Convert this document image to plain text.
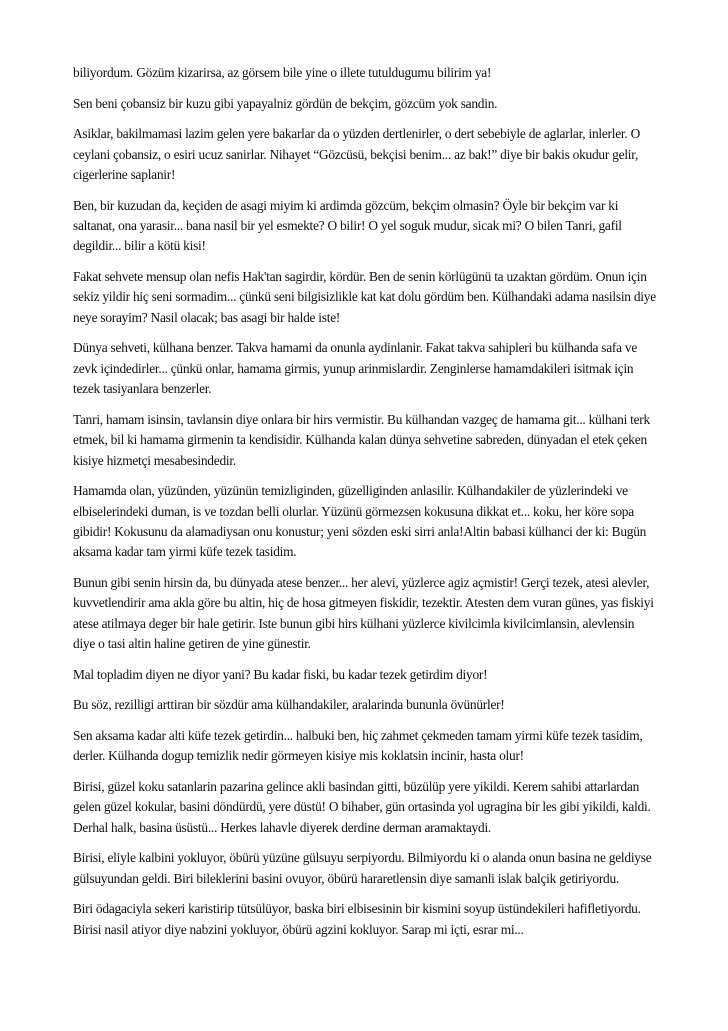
biliyordum. Gözüm kizarirsa, az görsem bile yine o illete tutuldugumu bilirim ya!

Sen beni çobansiz bir kuzu gibi yapayalniz gördün de bekçim, gözcüm yok sandin.

Asiklar, bakilmamasi lazim gelen yere bakarlar da o yüzden dertlenirler, o dert sebebiyle de aglarlar, inlerler. O ceylani çobansiz, o esiri ucuz sanirlar. Nihayet “Gözcüsü, bekçisi benim... az bak!” diye bir bakis okudur gelir, cigerlerine saplanir!

Ben, bir kuzudan da, keçiden de asagi miyim ki ardimda gözcüm, bekçim olmasin? Öyle bir bekçim var ki saltanat, ona yarasir... bana nasil bir yel esmekte? O bilir! O yel soguk mudur, sicak mi? O bilen Tanri, gafil degildir... bilir a kötü kisi!

Fakat sehvete mensup olan nefis Hak'tan sagirdir, kördür. Ben de senin körlügünü ta uzaktan gördüm. Onun için sekiz yildir hiç seni sormadim... çünkü seni bilgisizlikle kat kat dolu gördüm ben. Külhandaki adama nasilsin diye neye sorayim? Nasil olacak; bas asagi bir halde iste!

Dünya sehveti, külhana benzer. Takva hamami da onunla aydinlanir. Fakat takva sahipleri bu külhanda safa ve zevk içindedirler... çünkü onlar, hamama girmis, yunup arinmislardir. Zenginlerse hamamdakileri isitmak için tezek tasiyanlara benzerler.

Tanri, hamam isinsin, tavlansin diye onlara bir hirs vermistir. Bu külhandan vazgeç de hamama git... külhani terk etmek, bil ki hamama girmenin ta kendisidir. Külhanda kalan dünya sehvetine sabreden, dünyadan el etek çeken kisiye hizmetçi mesabesindedir.

Hamamda olan, yüzünden, yüzünün temizliginden, güzelliginden anlasilir. Külhandakiler de yüzlerindeki ve elbiselerindeki duman, is ve tozdan belli olurlar. Yüzünü görmezsen kokusuna dikkat et... koku, her köre sopa gibidir! Kokusunu da alamadiysan onu konustur; yeni sözden eski sirri anla!Altin babasi külhanci der ki: Bugün aksama kadar tam yirmi küfe tezek tasidim.

Bunun gibi senin hirsin da, bu dünyada atese benzer... her alevi, yüzlerce agiz açmistir! Gerçi tezek, atesi alevler, kuvvetlendirir ama akla göre bu altin, hiç de hosa gitmeyen fiskidir, tezektir. Atesten dem vuran günes, yas fiskiyi atese atilmaya deger bir hale getirir. Iste bunun gibi hirs külhani yüzlerce kivilcimla kivilcimlansin, alevlensin diye o tasi altin haline getiren de yine günestir.

Mal topladim diyen ne diyor yani? Bu kadar fiski, bu kadar tezek getirdim diyor!

Bu söz, rezilligi arttiran bir sözdür ama külhandakiler, aralarinda bununla övünürler!

Sen aksama kadar alti küfe tezek getirdin... halbuki ben, hiç zahmet çekmeden tamam yirmi küfe tezek tasidim, derler. Külhanda dogup temizlik nedir görmeyen kisiye mis koklatsin incinir, hasta olur!

Birisi, güzel koku satanlarin pazarina gelince akli basindan gitti, büzülüp yere yikildi. Kerem sahibi attarlardan gelen güzel kokular, basini döndürdü, yere düstü! O bihaber, gün ortasinda yol ugragina bir les gibi yikildi, kaldi. Derhal halk, basina üsüstü... Herkes lahavle diyerek derdine derman aramaktaydi.

Birisi, eliyle kalbini yokluyor, öbürü yüzüne gülsuyu serpiyordu. Bilmiyordu ki o alanda onun basina ne geldiyse gülsuyundan geldi. Biri bileklerini basini ovuyor, öbürü hararetlensin diye samanli islak balçik getiriyordu.

Biri ödagaciyla sekeri karistirip tütsülüyor, baska biri elbisesinin bir kismini soyup üstündekileri hafifletiyordu. Birisi nasil atiyor diye nabzini yokluyor, öbürü agzini kokluyor. Sarap mi içti, esrar mi...
